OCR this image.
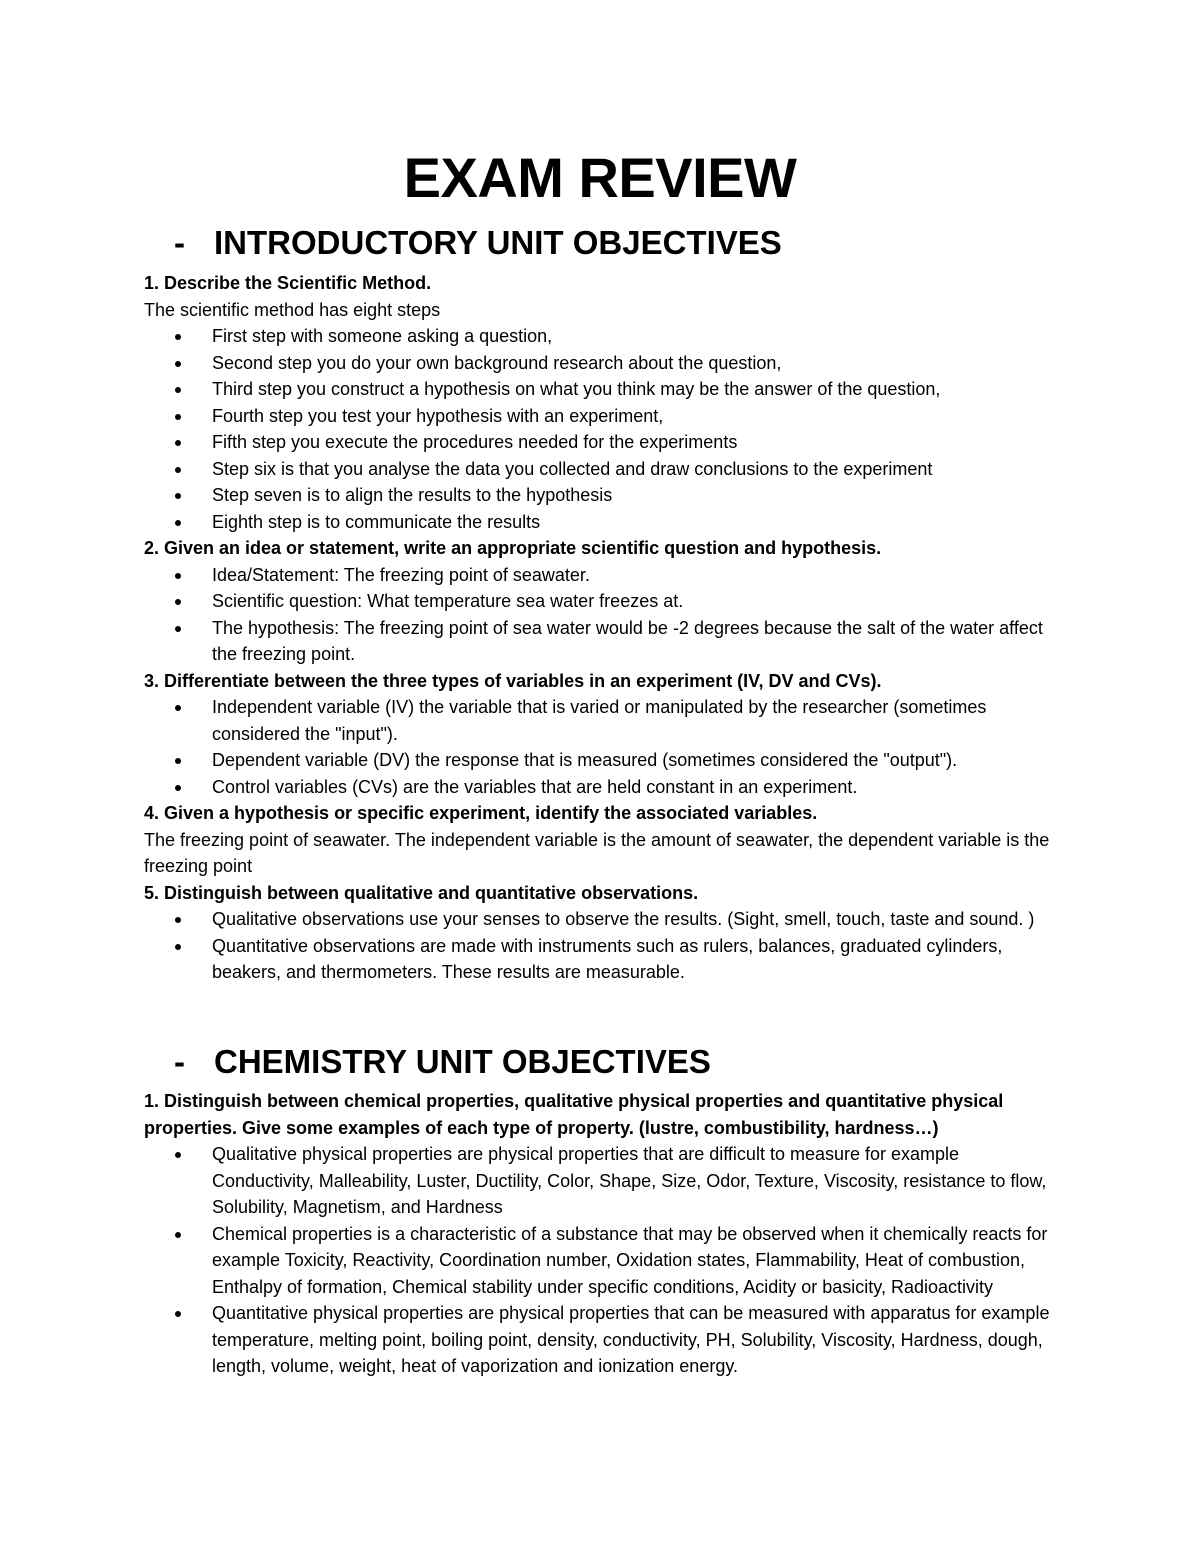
EXAM REVIEW
- INTRODUCTORY UNIT OBJECTIVES
1. Describe the Scientific Method.
The scientific method has eight steps
First step with someone asking a question,
Second step you do your own background research about the question,
Third step you construct a hypothesis on what you think may be the answer of the question,
Fourth step you test your hypothesis with an experiment,
Fifth step you execute the procedures needed for the experiments
Step six is that you analyse the data you collected and draw conclusions to the experiment
Step seven is to align the results to the hypothesis
Eighth step is to communicate the results
2. Given an idea or statement, write an appropriate scientific question and hypothesis.
Idea/Statement: The freezing point of seawater.
Scientific question: What temperature sea water freezes at.
The hypothesis: The freezing point of sea water would be -2 degrees because the salt of the water affect the freezing point.
3. Differentiate between the three types of variables in an experiment (IV, DV and CVs).
Independent variable (IV) the variable that is varied or manipulated by the researcher (sometimes considered the "input").
Dependent variable (DV) the response that is measured (sometimes considered the "output").
Control variables (CVs) are the variables that are held constant in an experiment.
4. Given a hypothesis or specific experiment, identify the associated variables.
The freezing point of seawater. The independent variable is the amount of seawater, the dependent variable is the freezing point
5. Distinguish between qualitative and quantitative observations.
Qualitative observations use your senses to observe the results. (Sight, smell, touch, taste and sound. )
Quantitative observations are made with instruments such as rulers, balances, graduated cylinders, beakers, and thermometers. These results are measurable.
- CHEMISTRY UNIT OBJECTIVES
1. Distinguish between chemical properties, qualitative physical properties and quantitative physical properties. Give some examples of each type of property. (lustre, combustibility, hardness…)
Qualitative physical properties are physical properties that are difficult to measure for example Conductivity, Malleability, Luster, Ductility, Color, Shape, Size, Odor, Texture, Viscosity, resistance to flow, Solubility, Magnetism, and Hardness
Chemical properties is a characteristic of a substance that may be observed when it chemically reacts for example Toxicity, Reactivity, Coordination number, Oxidation states, Flammability, Heat of combustion, Enthalpy of formation, Chemical stability under specific conditions, Acidity or basicity, Radioactivity
Quantitative physical properties are physical properties that can be measured with apparatus for example temperature, melting point, boiling point, density, conductivity, PH, Solubility, Viscosity, Hardness, dough, length, volume, weight, heat of vaporization and ionization energy.
